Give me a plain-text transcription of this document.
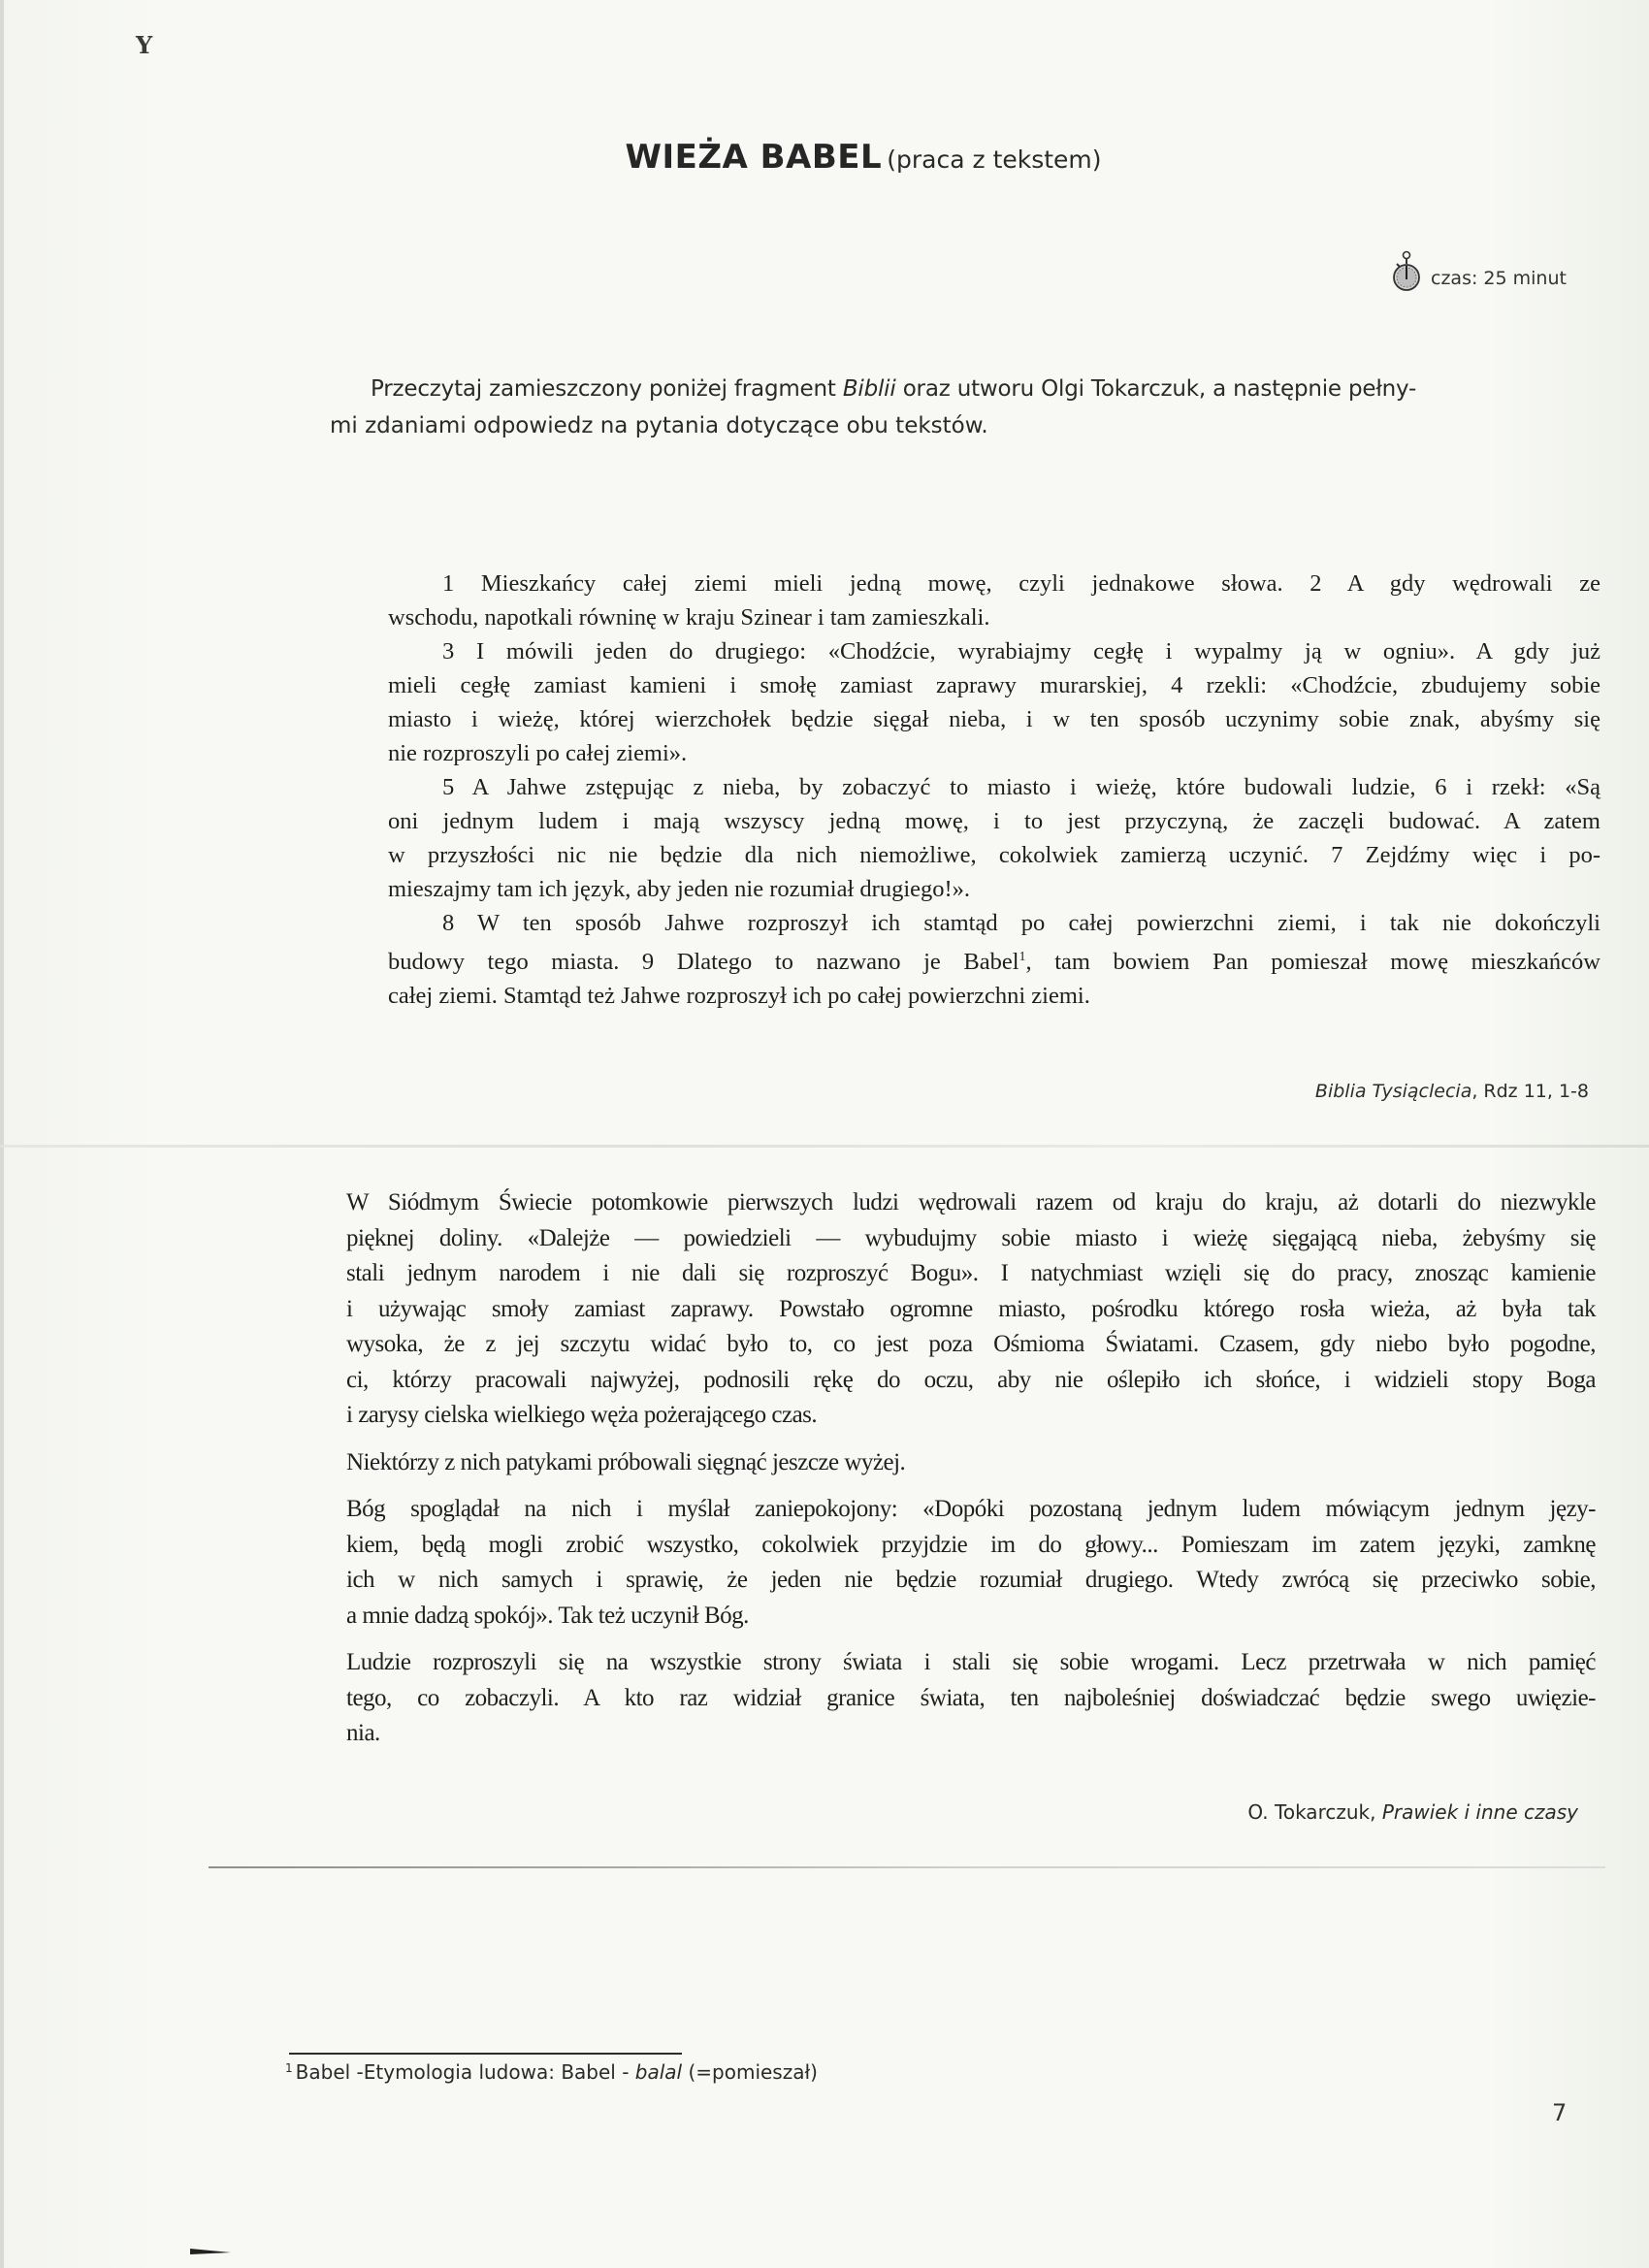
Y
WIEŻA BABEL (praca z tekstem)
czas: 25 minut
Przeczytaj zamieszczony poniżej fragment Biblii oraz utworu Olgi Tokarczuk, a następnie pełny-
mi zdaniami odpowiedz na pytania dotyczące obu tekstów.
1 Mieszkańcy całej ziemi mieli jedną mowę, czyli jednakowe słowa. 2 A gdy wędrowali ze
wschodu, napotkali równinę w kraju Szinear i tam zamieszkali.
3 I mówili jeden do drugiego: «Chodźcie, wyrabiajmy cegłę i wypalmy ją w ogniu». A gdy już
mieli cegłę zamiast kamieni i smołę zamiast zaprawy murarskiej, 4 rzekli: «Chodźcie, zbudujemy sobie
miasto i wieżę, której wierzchołek będzie sięgał nieba, i w ten sposób uczynimy sobie znak, abyśmy się
nie rozproszyli po całej ziemi».
5 A Jahwe zstępując z nieba, by zobaczyć to miasto i wieżę, które budowali ludzie, 6 i rzekł: «Są
oni jednym ludem i mają wszyscy jedną mowę, i to jest przyczyną, że zaczęli budować. A zatem
w przyszłości nic nie będzie dla nich niemożliwe, cokolwiek zamierzą uczynić. 7 Zejdźmy więc i po-
mieszajmy tam ich język, aby jeden nie rozumiał drugiego!».
8 W ten sposób Jahwe rozproszył ich stamtąd po całej powierzchni ziemi, i tak nie dokończyli
budowy tego miasta. 9 Dlatego to nazwano je Babel$^1$, tam bowiem Pan pomieszał mowę mieszkańców
całej ziemi. Stamtąd też Jahwe rozproszył ich po całej powierzchni ziemi.
Biblia Tysiąclecia, Rdz 11, 1-8
W Siódmym Świecie potomkowie pierwszych ludzi wędrowali razem od kraju do kraju, aż dotarli do niezwykle
pięknej doliny. «Dalejże — powiedzieli — wybudujmy sobie miasto i wieżę sięgającą nieba, żebyśmy się
stali jednym narodem i nie dali się rozproszyć Bogu». I natychmiast wzięli się do pracy, znosząc kamienie
i używając smoły zamiast zaprawy. Powstało ogromne miasto, pośrodku którego rosła wieża, aż była tak
wysoka, że z jej szczytu widać było to, co jest poza Ośmioma Światami. Czasem, gdy niebo było pogodne,
ci, którzy pracowali najwyżej, podnosili rękę do oczu, aby nie oślepiło ich słońce, i widzieli stopy Boga
i zarysy cielska wielkiego węża pożerającego czas.
Niektórzy z nich patykami próbowali sięgnąć jeszcze wyżej.
Bóg spoglądał na nich i myślał zaniepokojony: «Dopóki pozostaną jednym ludem mówiącym jednym języ-
kiem, będą mogli zrobić wszystko, cokolwiek przyjdzie im do głowy... Pomieszam im zatem języki, zamknę
ich w nich samych i sprawię, że jeden nie będzie rozumiał drugiego. Wtedy zwrócą się przeciwko sobie,
a mnie dadzą spokój». Tak też uczynił Bóg.
Ludzie rozproszyli się na wszystkie strony świata i stali się sobie wrogami. Lecz przetrwała w nich pamięć
tego, co zobaczyli. A kto raz widział granice świata, ten najboleśniej doświadczać będzie swego uwięzie-
nia.
O. Tokarczuk, Prawiek i inne czasy
$^1$ Babel -Etymologia ludowa: Babel - balal (=pomieszał)
7
